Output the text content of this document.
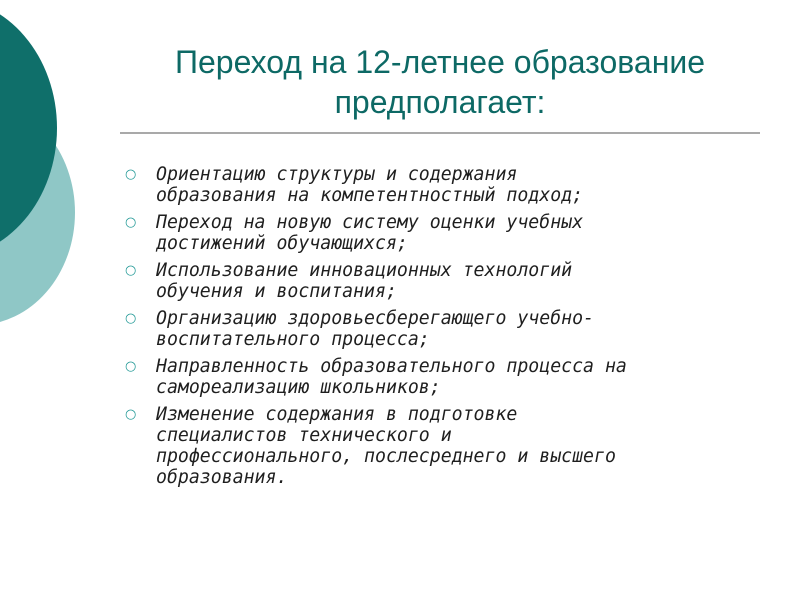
Переход на 12-летнее образование
предполагает:
○ Ориентацию структуры и содержания
образования на компетентностный подход;
○ Переход на новую систему оценки учебных
достижений обучающихся;
○ Использование инновационных технологий
обучения и воспитания;
○ Организацию здоровьесберегающего учебно-
воспитательного процесса;
○ Направленность образовательного процесса на
самореализацию школьников;
○ Изменение содержания в подготовке
специалистов технического и
профессионального, послесреднего и высшего
образования.
